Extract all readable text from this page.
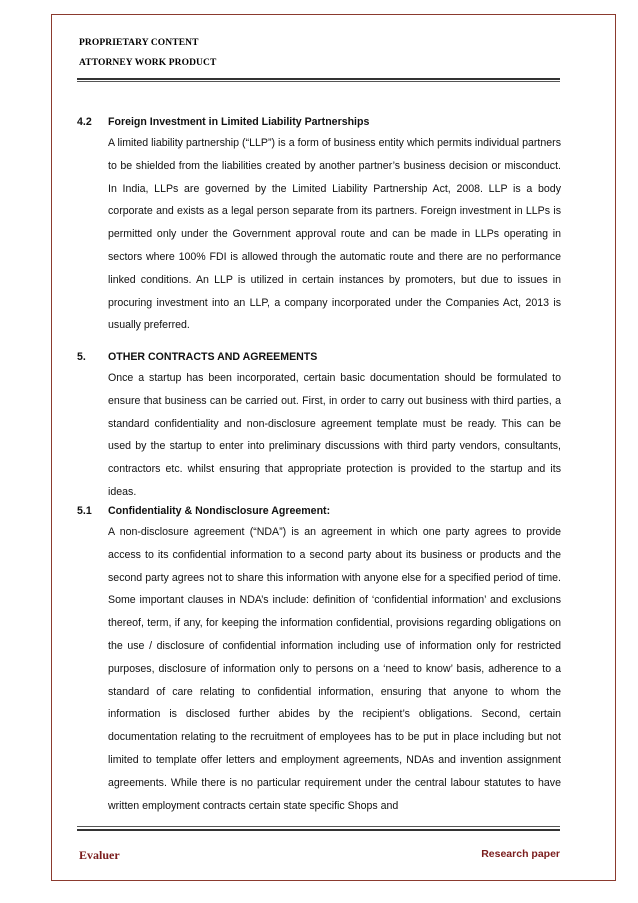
PROPRIETARY CONTENT
ATTORNEY WORK PRODUCT
4.2 Foreign Investment in Limited Liability Partnerships

A limited liability partnership (“LLP”) is a form of business entity which permits individual partners to be shielded from the liabilities created by another partner’s business decision or misconduct. In India, LLPs are governed by the Limited Liability Partnership Act, 2008. LLP is a body corporate and exists as a legal person separate from its partners. Foreign investment in LLPs is permitted only under the Government approval route and can be made in LLPs operating in sectors where 100% FDI is allowed through the automatic route and there are no performance linked conditions. An LLP is utilized in certain instances by promoters, but due to issues in procuring investment into an LLP, a company incorporated under the Companies Act, 2013 is usually preferred.

5. OTHER CONTRACTS AND AGREEMENTS

Once a startup has been incorporated, certain basic documentation should be formulated to ensure that business can be carried out. First, in order to carry out business with third parties, a standard confidentiality and non-disclosure agreement template must be ready. This can be used by the startup to enter into preliminary discussions with third party vendors, consultants, contractors etc. whilst ensuring that appropriate protection is provided to the startup and its ideas.

5.1 Confidentiality & Nondisclosure Agreement:

A non-disclosure agreement (“NDA”) is an agreement in which one party agrees to provide access to its confidential information to a second party about its business or products and the second party agrees not to share this information with anyone else for a specified period of time. Some important clauses in NDA’s include: definition of ‘confidential information’ and exclusions thereof, term, if any, for keeping the information confidential, provisions regarding obligations on the use / disclosure of confidential information including use of information only for restricted purposes, disclosure of information only to persons on a ‘need to know’ basis, adherence to a standard of care relating to confidential information, ensuring that anyone to whom the information is disclosed further abides by the recipient’s obligations. Second, certain documentation relating to the recruitment of employees has to be put in place including but not limited to template offer letters and employment agreements, NDAs and invention assignment agreements. While there is no particular requirement under the central labour statutes to have written employment contracts certain state specific Shops and

Evaluer	Research paper
